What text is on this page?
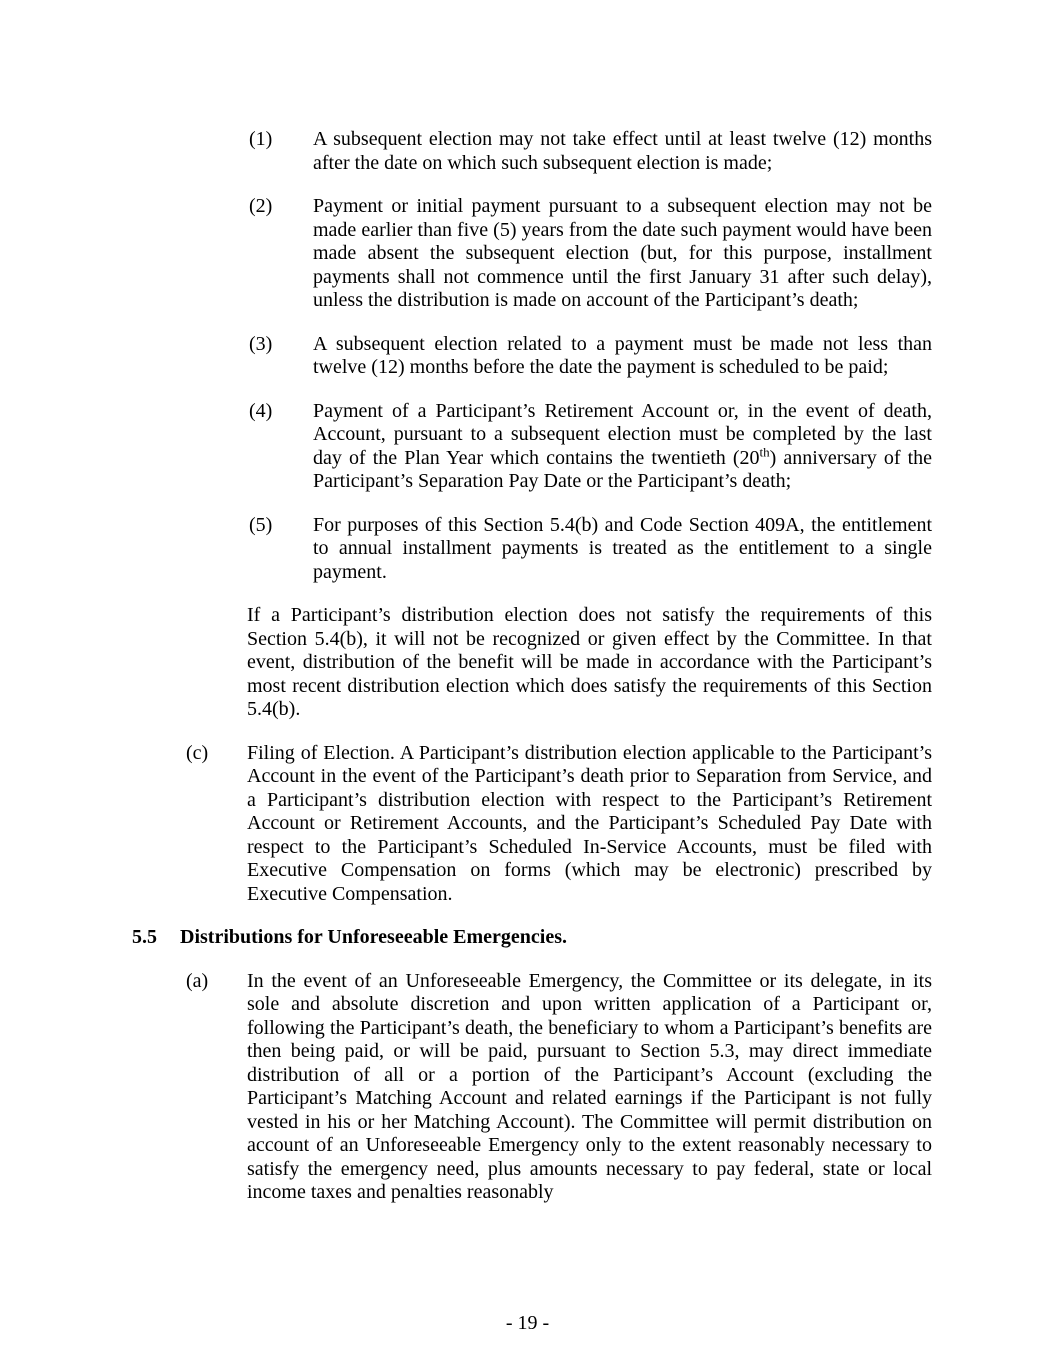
(1) A subsequent election may not take effect until at least twelve (12) months after the date on which such subsequent election is made;

(2) Payment or initial payment pursuant to a subsequent election may not be made earlier than five (5) years from the date such payment would have been made absent the subsequent election (but, for this purpose, installment payments shall not commence until the first January 31 after such delay), unless the distribution is made on account of the Participant’s death;

(3) A subsequent election related to a payment must be made not less than twelve (12) months before the date the payment is scheduled to be paid;

(4) Payment of a Participant’s Retirement Account or, in the event of death, Account, pursuant to a subsequent election must be completed by the last day of the Plan Year which contains the twentieth (20th) anniversary of the Participant’s Separation Pay Date or the Participant’s death;

(5) For purposes of this Section 5.4(b) and Code Section 409A, the entitlement to annual installment payments is treated as the entitlement to a single payment.

If a Participant’s distribution election does not satisfy the requirements of this Section 5.4(b), it will not be recognized or given effect by the Committee. In that event, distribution of the benefit will be made in accordance with the Participant’s most recent distribution election which does satisfy the requirements of this Section 5.4(b).

(c) Filing of Election. A Participant’s distribution election applicable to the Participant’s Account in the event of the Participant’s death prior to Separation from Service, and a Participant’s distribution election with respect to the Participant’s Retirement Account or Retirement Accounts, and the Participant’s Scheduled Pay Date with respect to the Participant’s Scheduled In-Service Accounts, must be filed with Executive Compensation on forms (which may be electronic) prescribed by Executive Compensation.

5.5 Distributions for Unforeseeable Emergencies.
(a) In the event of an Unforeseeable Emergency, the Committee or its delegate, in its sole and absolute discretion and upon written application of a Participant or, following the Participant’s death, the beneficiary to whom a Participant’s benefits are then being paid, or will be paid, pursuant to Section 5.3, may direct immediate distribution of all or a portion of the Participant’s Account (excluding the Participant’s Matching Account and related earnings if the Participant is not fully vested in his or her Matching Account). The Committee will permit distribution on account of an Unforeseeable Emergency only to the extent reasonably necessary to satisfy the emergency need, plus amounts necessary to pay federal, state or local income taxes and penalties reasonably

- 19 -
